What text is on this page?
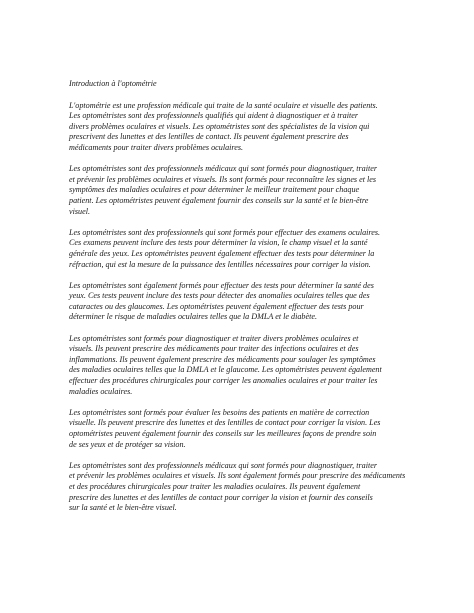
Introduction à l'optométrie
L'optométrie est une profession médicale qui traite de la santé oculaire et visuelle des patients.
Les optométristes sont des professionnels qualifiés qui aident à diagnostiquer et à traiter
divers problèmes oculaires et visuels. Les optométristes sont des spécialistes de la vision qui
prescrivent des lunettes et des lentilles de contact. Ils peuvent également prescrire des
médicaments pour traiter divers problèmes oculaires.
Les optométristes sont des professionnels médicaux qui sont formés pour diagnostiquer, traiter
et prévenir les problèmes oculaires et visuels. Ils sont formés pour reconnaître les signes et les
symptômes des maladies oculaires et pour déterminer le meilleur traitement pour chaque
patient. Les optométristes peuvent également fournir des conseils sur la santé et le bien-être
visuel.
Les optométristes sont des professionnels qui sont formés pour effectuer des examens oculaires.
Ces examens peuvent inclure des tests pour déterminer la vision, le champ visuel et la santé
générale des yeux. Les optométristes peuvent également effectuer des tests pour déterminer la
réfraction, qui est la mesure de la puissance des lentilles nécessaires pour corriger la vision.
Les optométristes sont également formés pour effectuer des tests pour déterminer la santé des
yeux. Ces tests peuvent inclure des tests pour détecter des anomalies oculaires telles que des
cataractes ou des glaucomes. Les optométristes peuvent également effectuer des tests pour
déterminer le risque de maladies oculaires telles que la DMLA et le diabète.
Les optométristes sont formés pour diagnostiquer et traiter divers problèmes oculaires et
visuels. Ils peuvent prescrire des médicaments pour traiter des infections oculaires et des
inflammations. Ils peuvent également prescrire des médicaments pour soulager les symptômes
des maladies oculaires telles que la DMLA et le glaucome. Les optométristes peuvent également
effectuer des procédures chirurgicales pour corriger les anomalies oculaires et pour traiter les
maladies oculaires.
Les optométristes sont formés pour évaluer les besoins des patients en matière de correction
visuelle. Ils peuvent prescrire des lunettes et des lentilles de contact pour corriger la vision. Les
optométristes peuvent également fournir des conseils sur les meilleures façons de prendre soin
de ses yeux et de protéger sa vision.
Les optométristes sont des professionnels médicaux qui sont formés pour diagnostiquer, traiter
et prévenir les problèmes oculaires et visuels. Ils sont également formés pour prescrire des médicaments
et des procédures chirurgicales pour traiter les maladies oculaires. Ils peuvent également
prescrire des lunettes et des lentilles de contact pour corriger la vision et fournir des conseils
sur la santé et le bien-être visuel.
